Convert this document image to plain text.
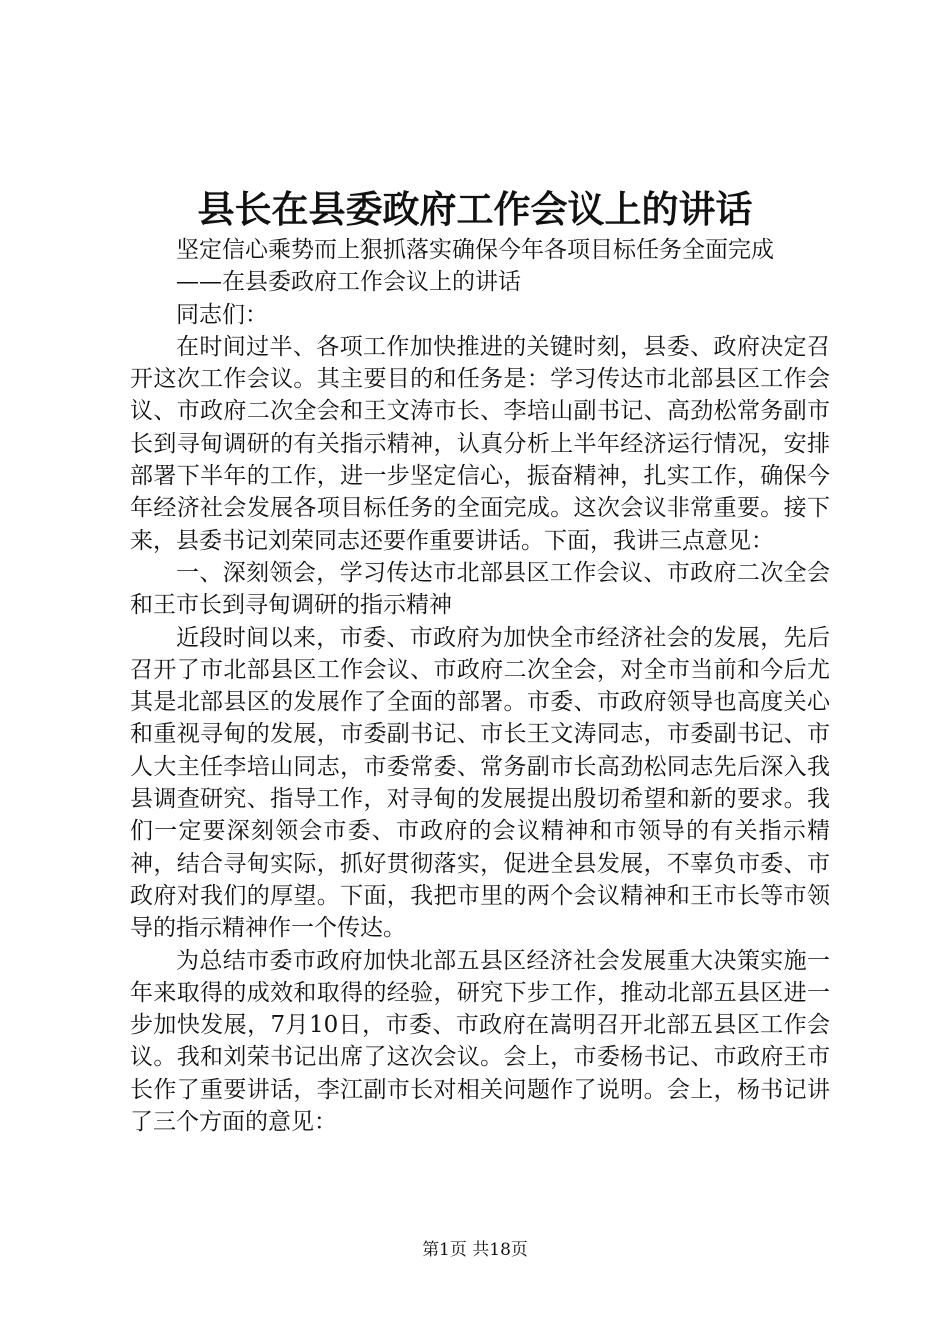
县长在县委政府工作会议上的讲话

坚定信心乘势而上狠抓落实确保今年各项目标任务全面完成

——在县委政府工作会议上的讲话

同志们：

在时间过半、各项工作加快推进的关键时刻，县委、政府决定召开这次工作会议。其主要目的和任务是：学习传达市北部县区工作会议、市政府二次全会和王文涛市长、李培山副书记、高劲松常务副市长到寻甸调研的有关指示精神，认真分析上半年经济运行情况，安排部署下半年的工作，进一步坚定信心，振奋精神，扎实工作，确保今年经济社会发展各项目标任务的全面完成。这次会议非常重要。接下来，县委书记刘荣同志还要作重要讲话。下面，我讲三点意见：

一、深刻领会，学习传达市北部县区工作会议、市政府二次全会和王市长到寻甸调研的指示精神

近段时间以来，市委、市政府为加快全市经济社会的发展，先后召开了市北部县区工作会议、市政府二次全会，对全市当前和今后尤其是北部县区的发展作了全面的部署。市委、市政府领导也高度关心和重视寻甸的发展，市委副书记、市长王文涛同志，市委副书记、市人大主任李培山同志，市委常委、常务副市长高劲松同志先后深入我县调查研究、指导工作，对寻甸的发展提出殷切希望和新的要求。我们一定要深刻领会市委、市政府的会议精神和市领导的有关指示精神，结合寻甸实际，抓好贯彻落实，促进全县发展，不辜负市委、市政府对我们的厚望。下面，我把市里的两个会议精神和王市长等市领导的指示精神作一个传达。

为总结市委市政府加快北部五县区经济社会发展重大决策实施一年来取得的成效和取得的经验，研究下步工作，推动北部五县区进一步加快发展，7月10日，市委、市政府在嵩明召开北部五县区工作会议。我和刘荣书记出席了这次会议。会上，市委杨书记、市政府王市长作了重要讲话，李江副市长对相关问题作了说明。会上，杨书记讲了三个方面的意见：

第1页 共18页
